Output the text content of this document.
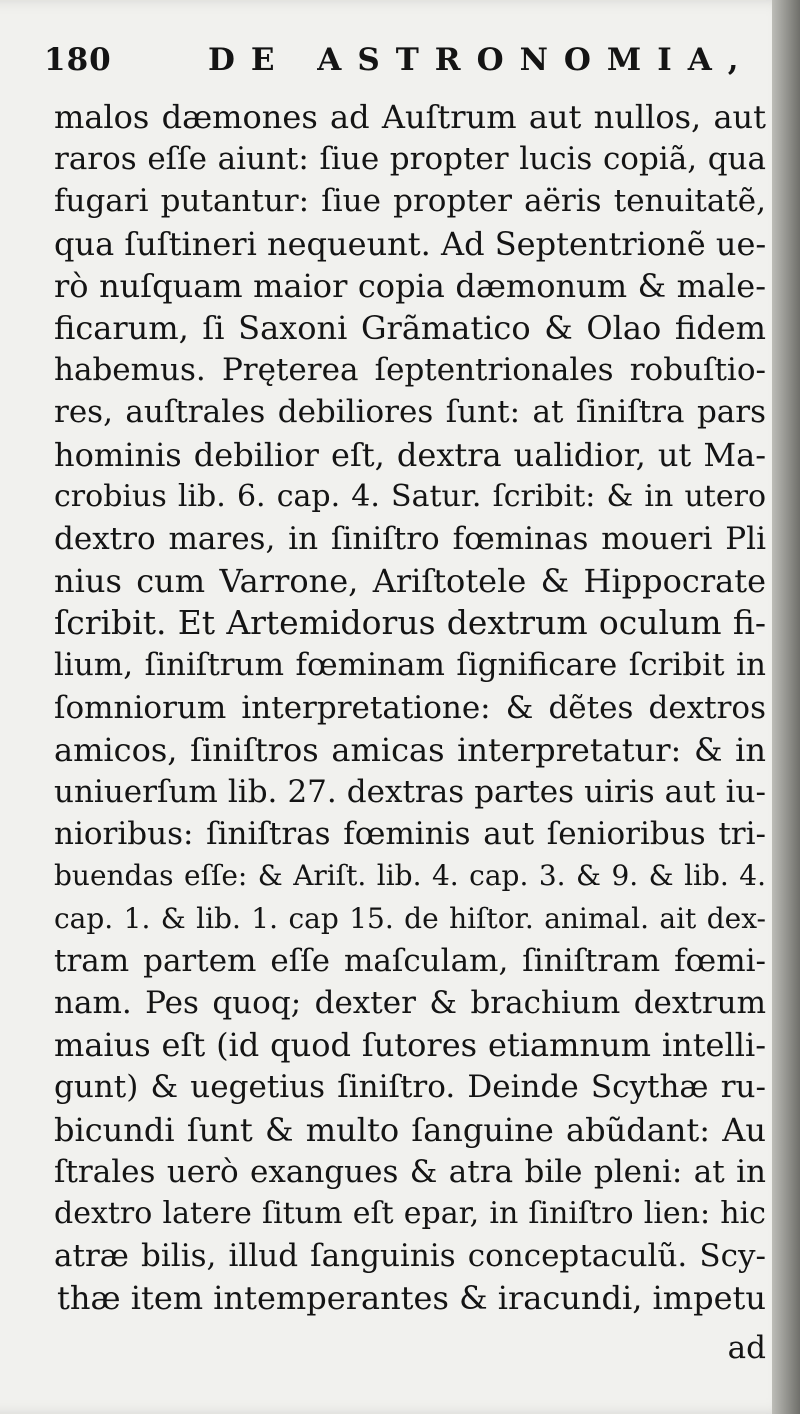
180	DE ASTRONOMIA,
malos dæmones ad Auſtrum aut nullos, aut
raros eſſe aiunt: ſiue propter lucis copiã, qua
fugari putantur: ſiue propter aëris tenuitatẽ,
qua ſuſtineri nequeunt. Ad Septentrionẽ ue-
rò nuſquam maior copia dæmonum & male-
ficarum, ſi Saxoni Grãmatico & Olao fidem
habemus. Pręterea ſeptentrionales robuſtio-
res, auſtrales debiliores ſunt: at ſiniſtra pars
hominis debilior eſt, dextra ualidior, ut Ma-
crobius lib. 6. cap. 4. Satur. ſcribit: & in utero
dextro mares, in ſiniſtro fœminas moueri Pli
nius cum Varrone, Ariſtotele & Hippocrate
ſcribit. Et Artemidorus dextrum oculum fi-
lium, ſiniſtrum fœminam ſignificare ſcribit in
ſomniorum interpretatione: & dẽtes dextros
amicos, ſiniſtros amicas interpretatur: & in
uniuerſum lib. 27. dextras partes uiris aut iu-
nioribus: ſiniſtras fœminis aut ſenioribus tri-
buendas eſſe: & Ariſt. lib. 4. cap. 3. & 9. & lib. 4.
cap. 1. & lib. 1. cap 15. de hiſtor. animal. ait dex-
tram partem eſſe maſculam, ſiniſtram fœmi-
nam. Pes quoq; dexter & brachium dextrum
maius eſt (id quod ſutores etiamnum intelli-
gunt) & uegetius ſiniſtro. Deinde Scythæ ru-
bicundi ſunt & multo ſanguine abũdant: Au
ſtrales uerò exangues & atra bile pleni: at in
dextro latere ſitum eſt epar, in ſiniſtro lien: hic
atræ bilis, illud ſanguinis conceptaculũ. Scy-
thæ item intemperantes & iracundi, impetu
ad
